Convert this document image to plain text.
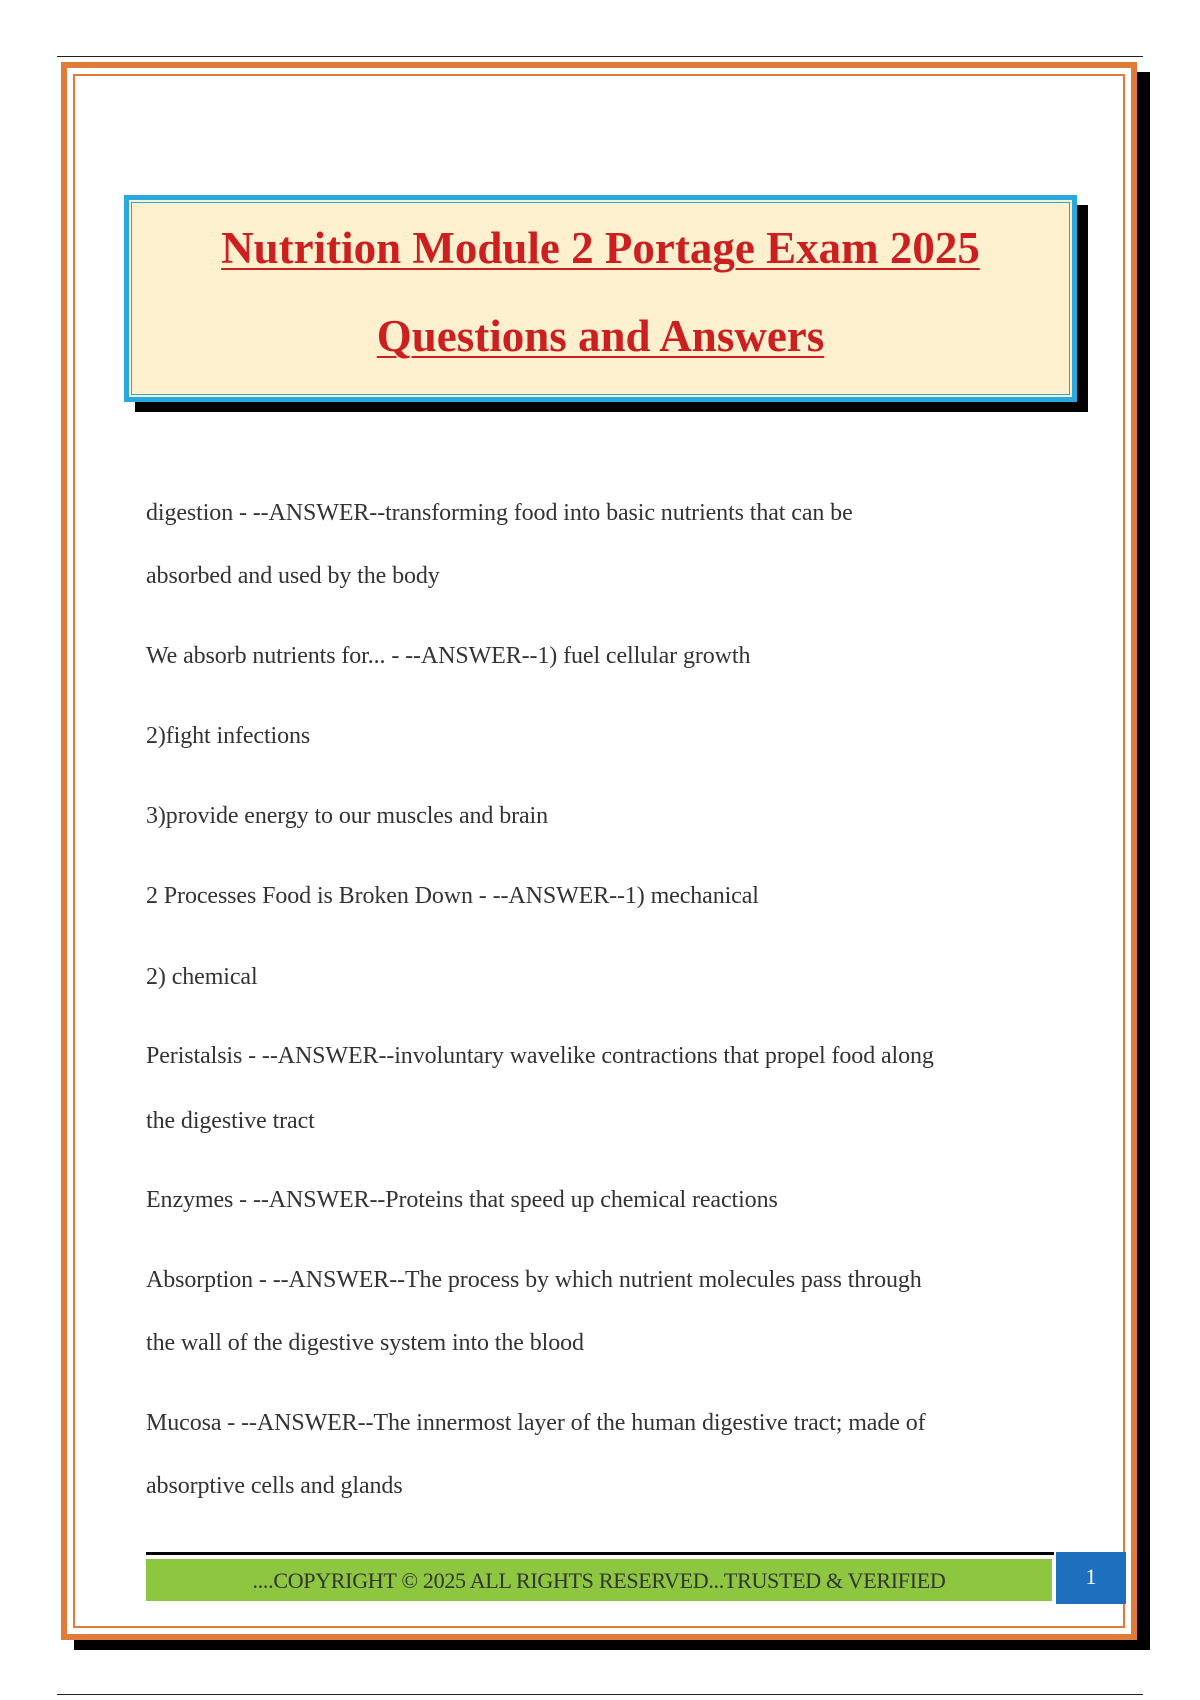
Nutrition Module 2 Portage Exam 2025

Questions and Answers

digestion - --ANSWER--transforming food into basic nutrients that can be
absorbed and used by the body
We absorb nutrients for... - --ANSWER--1) fuel cellular growth
2)fight infections
3)provide energy to our muscles and brain
2 Processes Food is Broken Down - --ANSWER--1) mechanical
2) chemical
Peristalsis - --ANSWER--involuntary wavelike contractions that propel food along
the digestive tract
Enzymes - --ANSWER--Proteins that speed up chemical reactions
Absorption - --ANSWER--The process by which nutrient molecules pass through
the wall of the digestive system into the blood
Mucosa - --ANSWER--The innermost layer of the human digestive tract; made of
absorptive cells and glands
....COPYRIGHT © 2025 ALL RIGHTS RESERVED...TRUSTED & VERIFIED	1
